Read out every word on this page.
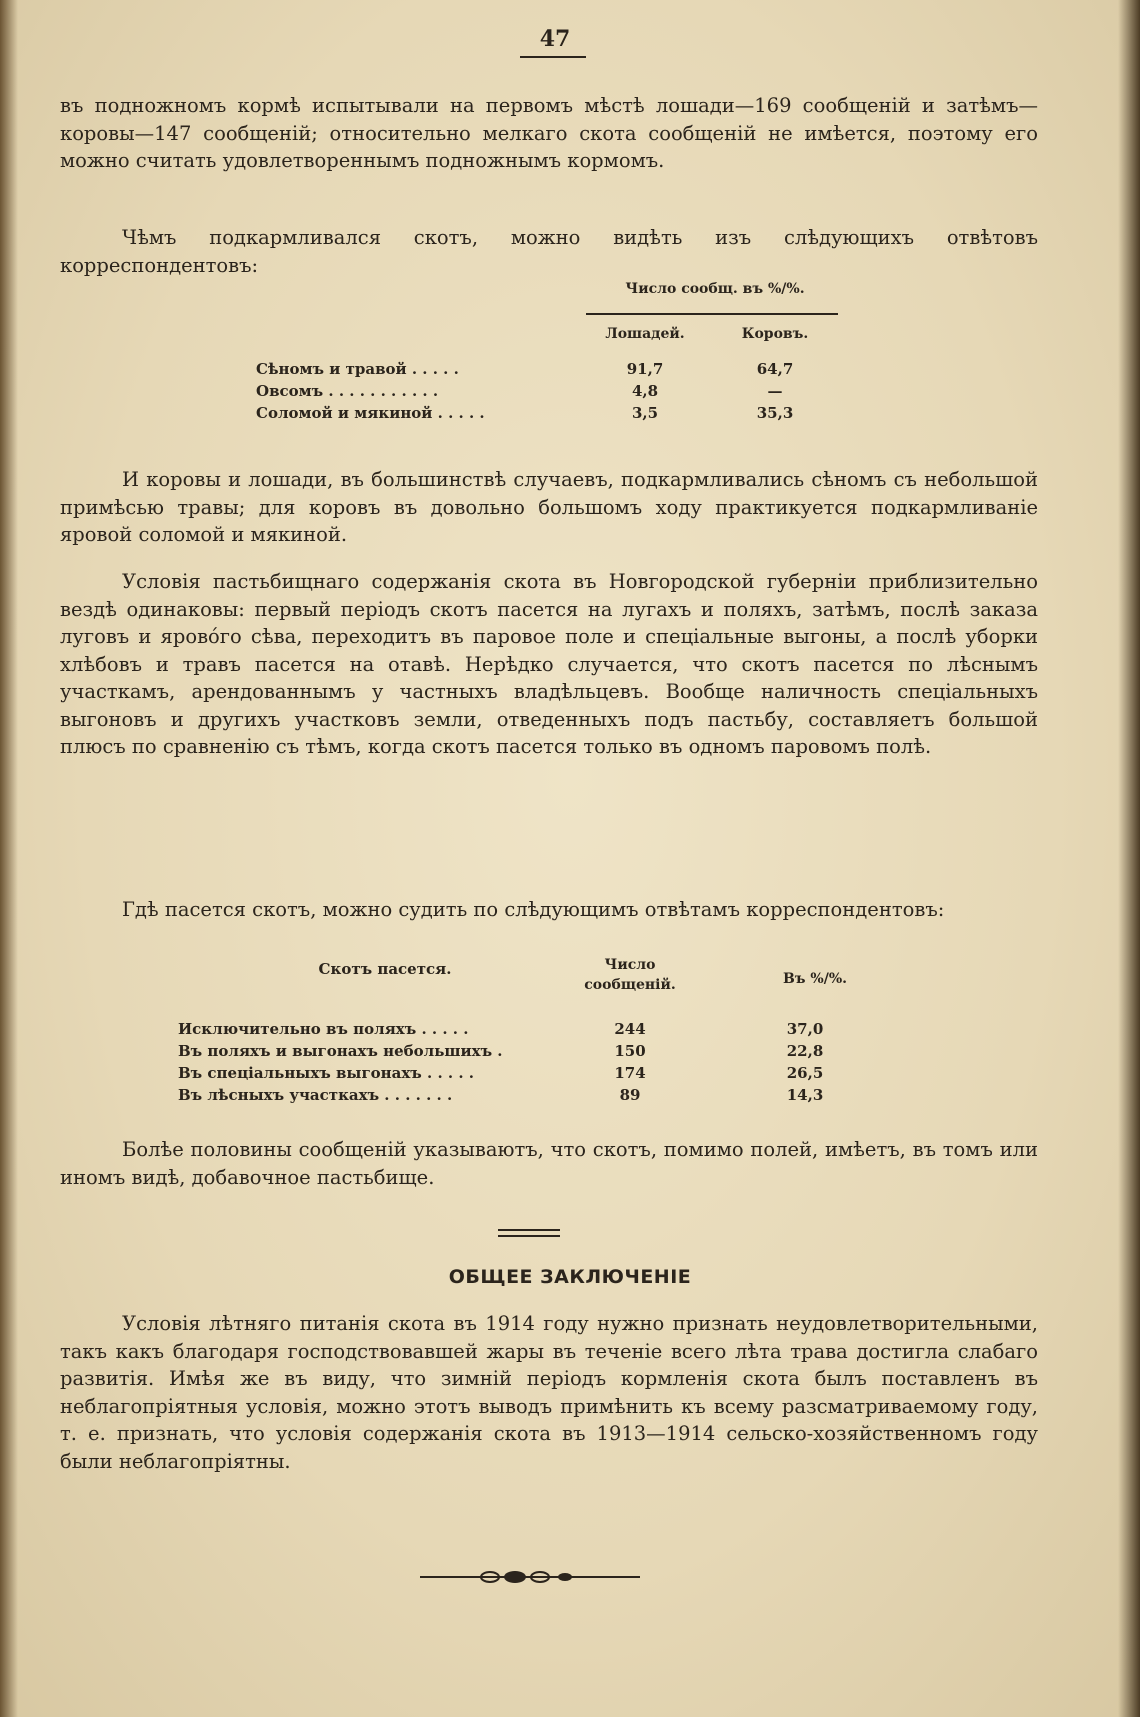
47

въ подножномъ кормѣ испытывали на первомъ мѣстѣ лошади—169 сообщеній и затѣмъ—коровы—147 сообщеній; относительно мелкаго скота сообщеній не имѣется, поэтому его можно считать удовлетвореннымъ подножнымъ кормомъ.

Чѣмъ подкармливался скотъ, можно видѣть изъ слѣдующихъ отвѣтовъ корреспондентовъ:

Число сообщ. въ %/%.
Лошадей.	Коровъ.
Сѣномъ и травой . . . . .	91,7		64,7
Овсомъ . . . . . . . . . . .	4,8		—
Соломой и мякиной . . . . .	3,5		35,3

И коровы и лошади, въ большинствѣ случаевъ, подкармливались сѣномъ съ небольшой примѣсью травы; для коровъ въ довольно большомъ ходу практикуется подкармливаніе яровой соломой и мякиной.

Условія пастьбищнаго содержанія скота въ Новгородской губерніи приблизительно вездѣ одинаковы: первый періодъ скотъ пасется на лугахъ и поляхъ, затѣмъ, послѣ заказа луговъ и яровóго сѣва, переходитъ въ паровое поле и спеціальные выгоны, а послѣ уборки хлѣбовъ и травъ пасется на отавѣ. Нерѣдко случается, что скотъ пасется по лѣснымъ участкамъ, арендованнымъ у частныхъ владѣльцевъ. Вообще наличность спеціальныхъ выгоновъ и другихъ участковъ земли, отведенныхъ подъ пастьбу, составляетъ большой плюсъ по сравненію съ тѣмъ, когда скотъ пасется только въ одномъ паровомъ полѣ.

Гдѣ пасется скотъ, можно судить по слѣдующимъ отвѣтамъ корреспондентовъ:

Скотъ пасется.	Число сообщеній.	Въ %/%.
Исключительно въ поляхъ . . . . .	244		37,0
Въ поляхъ и выгонахъ небольшихъ .	150		22,8
Въ спеціальныхъ выгонахъ . . . . .	174		26,5
Въ лѣсныхъ участкахъ . . . . . . .	89		14,3

Болѣе половины сообщеній указываютъ, что скотъ, помимо полей, имѣетъ, въ томъ или иномъ видѣ, добавочное пастьбище.

ОБЩЕЕ ЗАКЛЮЧЕНІЕ

Условія лѣтняго питанія скота въ 1914 году нужно признать неудовлетворительными, такъ какъ благодаря господствовавшей жары въ теченіе всего лѣта трава достигла слабаго развитія. Имѣя же въ виду, что зимній періодъ кормленія скота былъ поставленъ въ неблагопріятныя условія, можно этотъ выводъ примѣнить къ всему разсматриваемому году, т. е. признать, что условія содержанія скота въ 1913—1914 сельско-хозяйственномъ году были неблагопріятны.
